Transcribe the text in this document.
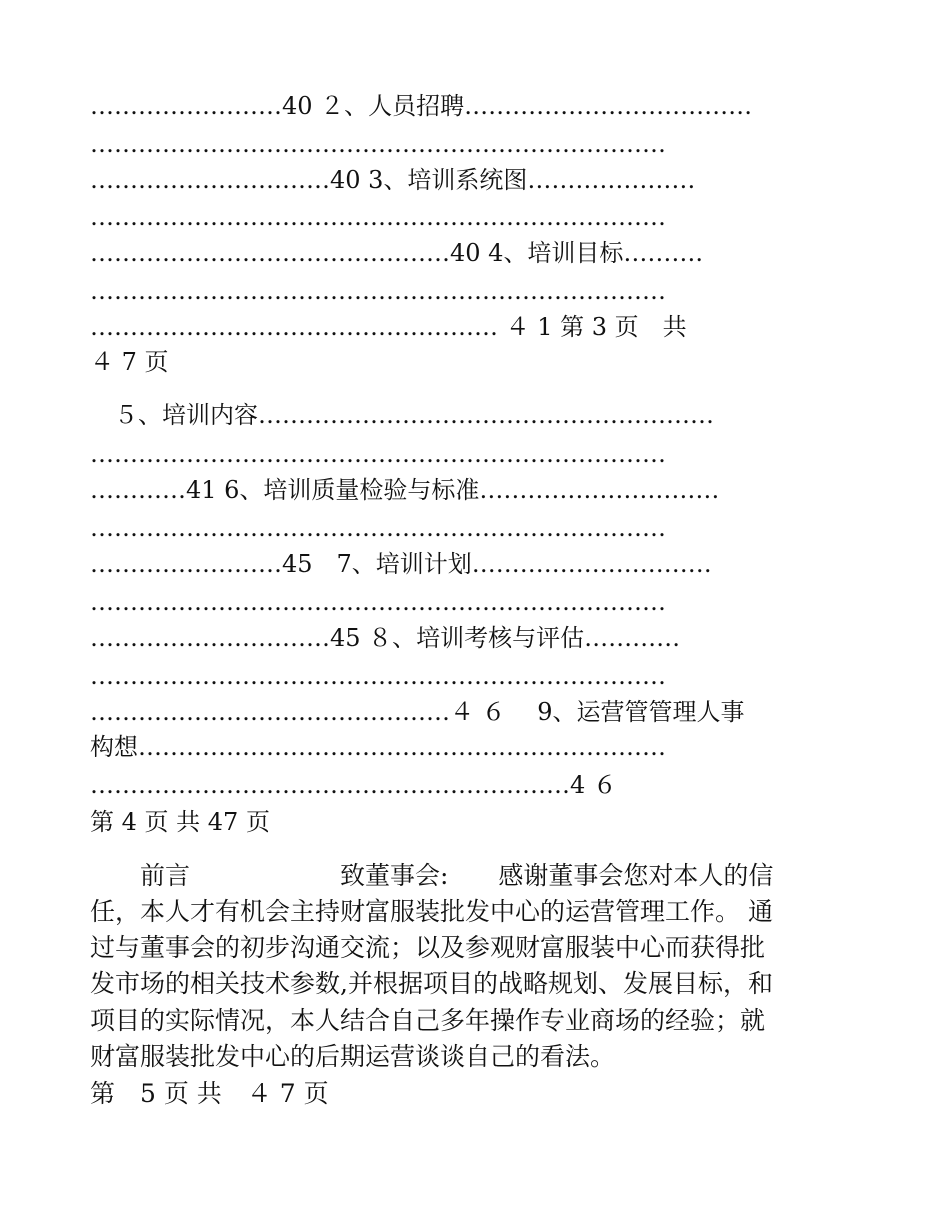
……………………40 ２、人员招聘………………………………
………………………………………………………………
…………………………40 3、培训系统图…………………
………………………………………………………………
………………………………………40 4、培训目标……….
………………………………………………………………
…………………………………………… ４ 1 第 3 页　共
４ 7 页
　５、培训内容…………………………………………………
………………………………………………………………
…………41 6、培训质量检验与标准…………………………
………………………………………………………………
……………………45　7、培训计划…………………………
………………………………………………………………
…………………………45 ８、培训考核与评估…………
………………………………………………………………
………………………………………４ ６　 9、运营管管理人事
构想…………………………………………………………
……………………………………………………4 ６
第 4 页 共 47 页
　　前言　　　　　　致董事会:　　感谢董事会您对本人的信
任，本人才有机会主持财富服装批发中心的运营管理工作。 通
过与董事会的初步沟通交流；以及参观财富服装中心而获得批
发市场的相关技术参数,并根据项目的战略规划、发展目标，和
项目的实际情况，本人结合自己多年操作专业商场的经验；就
财富服装批发中心的后期运营谈谈自己的看法。
第　5 页 共　４ 7 页
